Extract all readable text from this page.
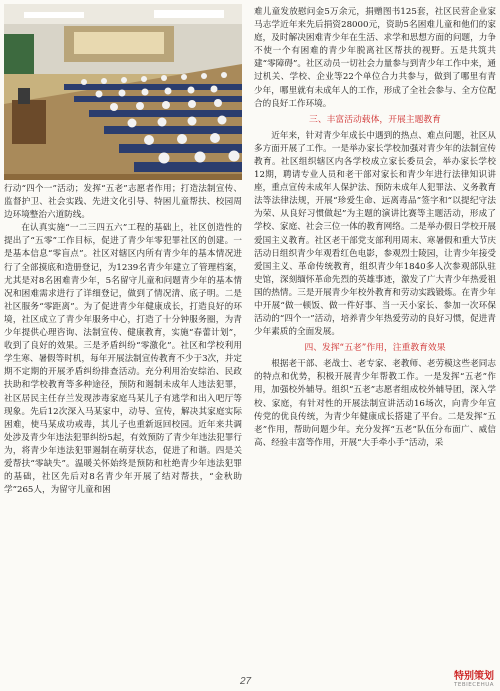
行动“四个一”活动；发挥“五老”志愿者作用；打造法制宣传、监督护卫、社会实践、先进文化引导、特困儿童帮扶、校园周边环境整治六道防线。

在认真实施“一二三四五六”工程的基础上，社区创造性的提出了“五零”工作目标，促进了青少年零犯罪社区的创建。一是基本信息“零盲点”。社区对辖区内所有青少年的基本情况进行了全部摸底和造册登记，为1239名青少年建立了管理档案，尤其是对8名困难青少年，5名留守儿童和问题青少年的基本情况和困难需求进行了详细登记，做到了情况清、底子明。二是社区服务“零距离”。为了促进青少年健康成长，打造良好的环境，社区成立了青少年服务中心，打造了十分钟服务圈，为青少年提供心理咨询、法制宣传、健康教育，实施“春蕾计划”，收到了良好的效果。三是矛盾纠纷“零激化”。社区和学校利用学生寒、暑假等时机，每年开展法制宣传教育不少于3次，并定期不定期的开展矛盾纠纷排查活动。充分利用治安综治、民政扶助和学校教育等多种途径，预防和遏制未成年人违法犯罪，社区居民主任存兰发现涉毒家庭马某儿子有逃学和出入吧厅等现象。先后12次深入马某家中，动导、宣传，解决其家庭实际困难，使马某成功戒毒，其儿子也重新返回校园。近年来共调处涉及青少年违法犯罪纠纷5起，有效预防了青少年违法犯罪行为，将青少年违法犯罪遏制在萌芽状态，促进了和谐。四是关爱帮扶“零缺失”。温暖关怀始终是预防和杜绝青少年违法犯罪的基础，社区先后对8名青少年开展了结对帮扶，“金秋助学”265人，为留守儿童和困

难儿童发放慰问金5万余元，捐赠图书125套，社区民营企业家马志学近年来先后捐资28000元，资助5名困难儿童和他们的家庭，及时解决困难青少年在生活、求学和思想方面的问题，力争不使一个有困难的青少年脱离社区帮扶的视野。五是共筑共建“零障碍”。社区动员一切社会力量参与到青少年工作中来，通过机关、学校、企业等22个单位合力共参与，做到了哪里有青少年，哪里就有未成年人的工作，形成了全社会参与、全方位配合的良好工作环境。

三、丰富活动载体，开展主题教育

近年来，针对青少年成长中遇到的热点、难点问题，社区从多方面开展了工作。一是举办家长学校加强对青少年的法制宣传教育。社区组织辖区内各学校成立家长委员会，举办家长学校12期，聘请专业人员和老干部对家长和青少年进行法律知识讲座，重点宣传未成年人保护法、预防未成年人犯罪法、义务教育法等法律法规，开展“珍爱生命、远离毒品”签字和“以提纪守法为荣、从良好习惯做起”为主题的演讲比赛等主题活动，形成了学校、家庭、社会三位一体的教育网络。二是举办假日学校开展爱国主义教育。社区老干部党支部利用周末、寒暑假和重大节庆活动日组织青少年观看红色电影，参观烈士陵园，让青少年接受爱国主义、革命传统教育，组织青少年1840多人次参观部队驻史馆，深刻缅怀革命先烈的英雄事迹，激发了广大青少年热爱祖国的热情。三是开展青少年校外教育和劳动实践锻炼。在青少年中开展“做一顿饭、做一件好事、当一天小家长、参加一次环保活动的“四个一”活动，培养青少年热爱劳动的良好习惯，促进青少年素质的全面发展。

四、发挥“五老”作用，注重教育效果

根据老干部、老战士、老专家、老教师、老劳模这些老同志的特点和优势，积极开展青少年帮教工作。一是发挥“五老”作用，加强校外辅导。组织“五老”志愿者组成校外辅导团，深入学校、家庭，有针对性的开展法制宣讲活动16场次，向青少年宣传党的优良传统，为青少年健康成长搭建了平台。二是发挥“五老”作用，帮助问题少年。充分发挥“五老”队伍分布面广、威信高、经验丰富等作用，开展“大手牵小手”活动，采

27	特别策划
TEBIECEHUA
